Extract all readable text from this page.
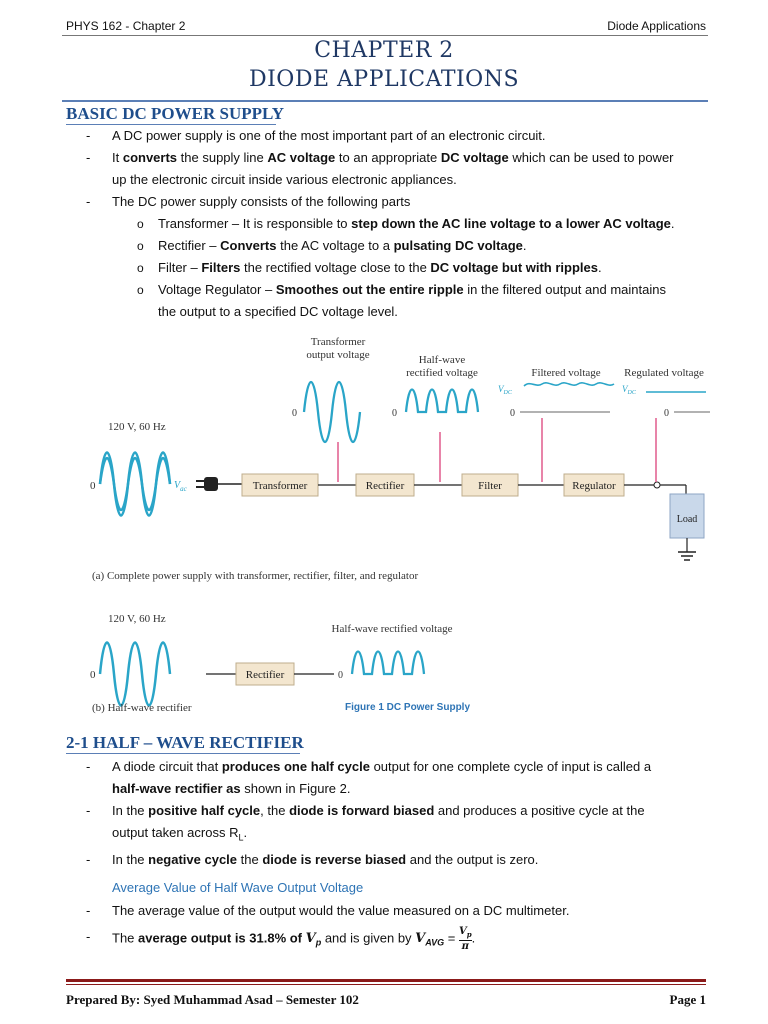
PHYS 162 - Chapter 2	Diode Applications
CHAPTER 2
DIODE APPLICATIONS
BASIC DC POWER SUPPLY
- A DC power supply is one of the most important part of an electronic circuit.
- It converts the supply line AC voltage to an appropriate DC voltage which can be used to power
up the electronic circuit inside various electronic appliances.
- The DC power supply consists of the following parts
o Transformer – It is responsible to step down the AC line voltage to a lower AC voltage.
o Rectifier – Converts the AC voltage to a pulsating DC voltage.
o Filter – Filters the rectified voltage close to the DC voltage but with ripples.
o Voltage Regulator – Smoothes out the entire ripple in the filtered output and maintains
the output to a specified DC voltage level.
120 V, 60 Hz
0	$V_{ac}$	Transformer	Rectifier	Filter	Regulator
Load
Transformer
output voltage
0
Half-wave
rectified voltage
0
Filtered voltage
$V_{DC}$
0
Regulated voltage
$V_{DC}$
0
(a) Complete power supply with transformer, rectifier, filter, and regulator
120 V, 60 Hz
0	Rectifier
Half-wave rectified voltage
0
(b) Half-wave rectifier	Figure 1 DC Power Supply
2-1 HALF – WAVE RECTIFIER
- A diode circuit that produces one half cycle output for one complete cycle of input is called a
half-wave rectifier as shown in Figure 2.
- In the positive half cycle, the diode is forward biased and produces a positive cycle at the
output taken across $R_L$.
- In the negative cycle the diode is reverse biased and the output is zero.
Average Value of Half Wave Output Voltage
- The average value of the output would the value measured on a DC multimeter.
- The average output is 31.8% of $V_p$ and is given by $V_{AVG} = \frac{V_p}{\pi}$ .
Prepared By: Syed Muhammad Asad – Semester 102	Page 1
